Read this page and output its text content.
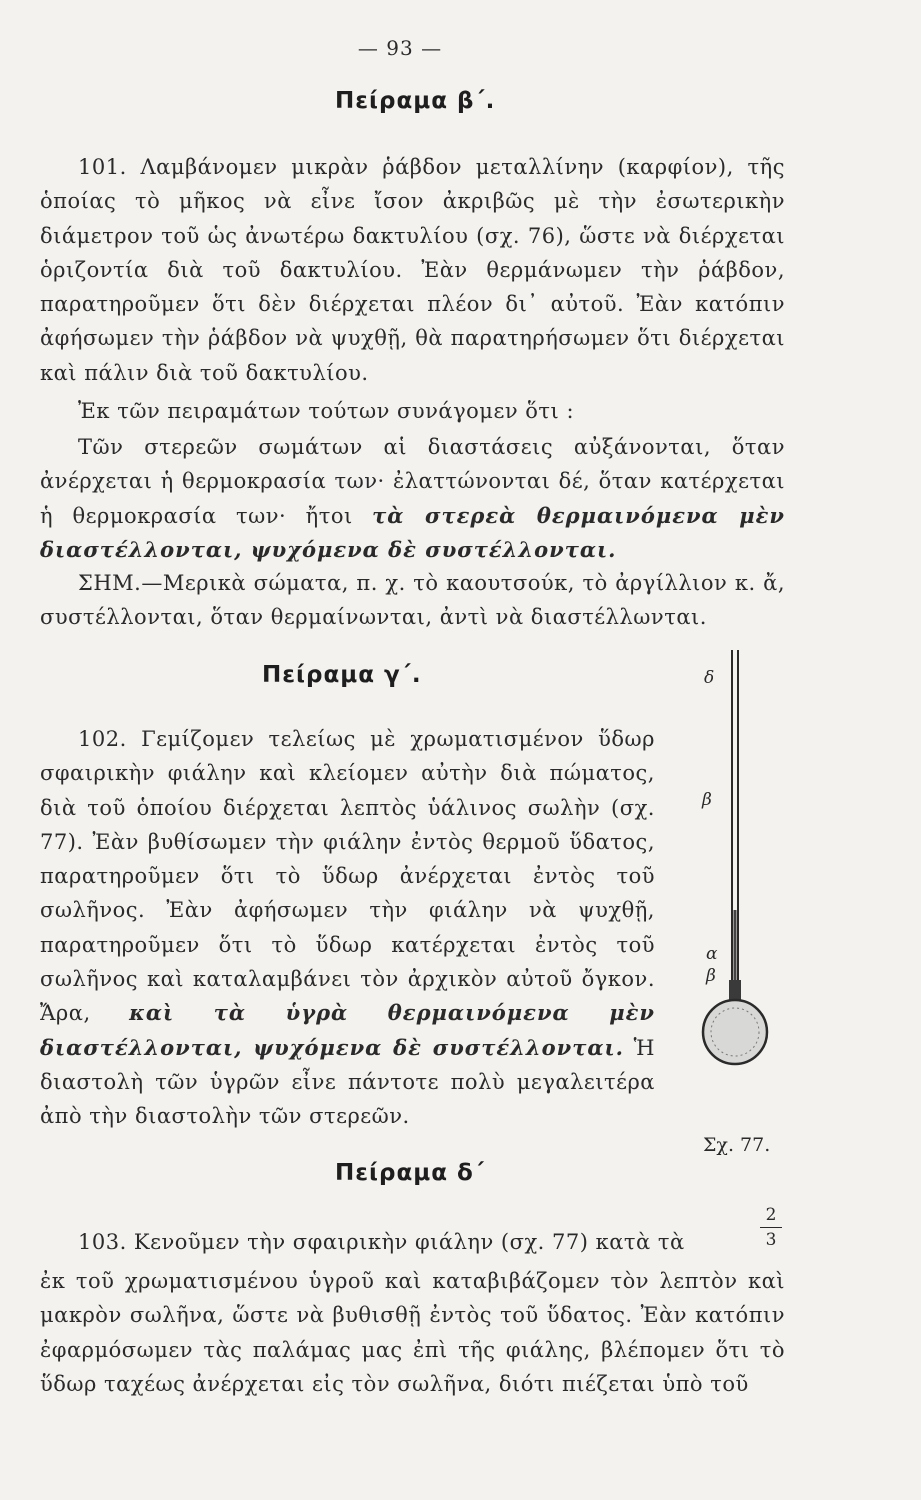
— 93 —
Πείραμα β΄.
101. Λαμβάνομεν μικρὰν ῥάβδον μεταλλίνην (καρφίον), τῆς ὁποίας τὸ μῆκος νὰ εἶνε ἴσον ἀκριβῶς μὲ τὴν ἐσωτερικὴν διάμετρον τοῦ ὡς ἀνωτέρω δακτυλίου (σχ. 76), ὥστε νὰ διέρχεται ὁριζοντία διὰ τοῦ δακτυλίου. Ἐὰν θερμάνωμεν τὴν ῥάβδον, παρατηροῦμεν ὅτι δὲν διέρχεται πλέον δι᾽ αὐτοῦ. Ἐὰν κατόπιν ἀφήσωμεν τὴν ῥάβδον νὰ ψυχθῇ, θὰ παρατηρήσωμεν ὅτι διέρχεται καὶ πάλιν διὰ τοῦ δακτυλίου.
Ἐκ τῶν πειραμάτων τούτων συνάγομεν ὅτι :
Τῶν στερεῶν σωμάτων αἱ διαστάσεις αὐξάνονται, ὅταν ἀνέρχεται ἡ θερμοκρασία των· ἐλαττώνονται δέ, ὅταν κατέρχεται ἡ θερμοκρασία των· ἤτοι τὰ στερεὰ θερμαινόμενα μὲν διαστέλλονται, ψυχόμενα δὲ συστέλλονται.
ΣΗΜ.—Μερικὰ σώματα, π. χ. τὸ καουτσούκ, τὸ ἀργίλλιον κ. ἄ, συστέλλονται, ὅταν θερμαίνωνται, ἀντὶ νὰ διαστέλλωνται.
Πείραμα γ΄.
102. Γεμίζομεν τελείως μὲ χρωματισμένον ὕδωρ σφαιρικὴν φιάλην καὶ κλείομεν αὐτὴν διὰ πώματος, διὰ τοῦ ὁποίου διέρχεται λεπτὸς ὑάλινος σωλὴν (σχ. 77). Ἐὰν βυθίσωμεν τὴν φιάλην ἐντὸς θερμοῦ ὕδατος, παρατηροῦμεν ὅτι τὸ ὕδωρ ἀνέρχεται ἐντὸς τοῦ σωλῆνος. Ἐὰν ἀφήσωμεν τὴν φιάλην νὰ ψυχθῇ, παρατηροῦμεν ὅτι τὸ ὕδωρ κατέρχεται ἐντὸς τοῦ σωλῆνος καὶ καταλαμβάνει τὸν ἀρχικὸν αὐτοῦ ὄγκον. Ἄρα, καὶ τὰ ὑγρὰ θερμαινόμενα μὲν διαστέλλονται, ψυχόμενα δὲ συστέλλονται. Ἡ διαστολὴ τῶν ὑγρῶν εἶνε πάντοτε πολὺ μεγαλειτέρα ἀπὸ τὴν διαστολὴν τῶν στερεῶν.
δ
β
α
β
Σχ. 77.
Πείραμα δ΄
103. Κενοῦμεν τὴν σφαιρικὴν φιάλην (σχ. 77) κατὰ τὰ
2
3
ἐκ τοῦ χρωματισμένου ὑγροῦ καὶ καταβιβάζομεν τὸν λεπτὸν καὶ μακρὸν σωλῆνα, ὥστε νὰ βυθισθῇ ἐντὸς τοῦ ὕδατος. Ἐὰν κατόπιν ἐφαρμόσωμεν τὰς παλάμας μας ἐπὶ τῆς φιάλης, βλέπομεν ὅτι τὸ ὕδωρ ταχέως ἀνέρχεται εἰς τὸν σωλῆνα, διότι πιέζεται ὑπὸ τοῦ
